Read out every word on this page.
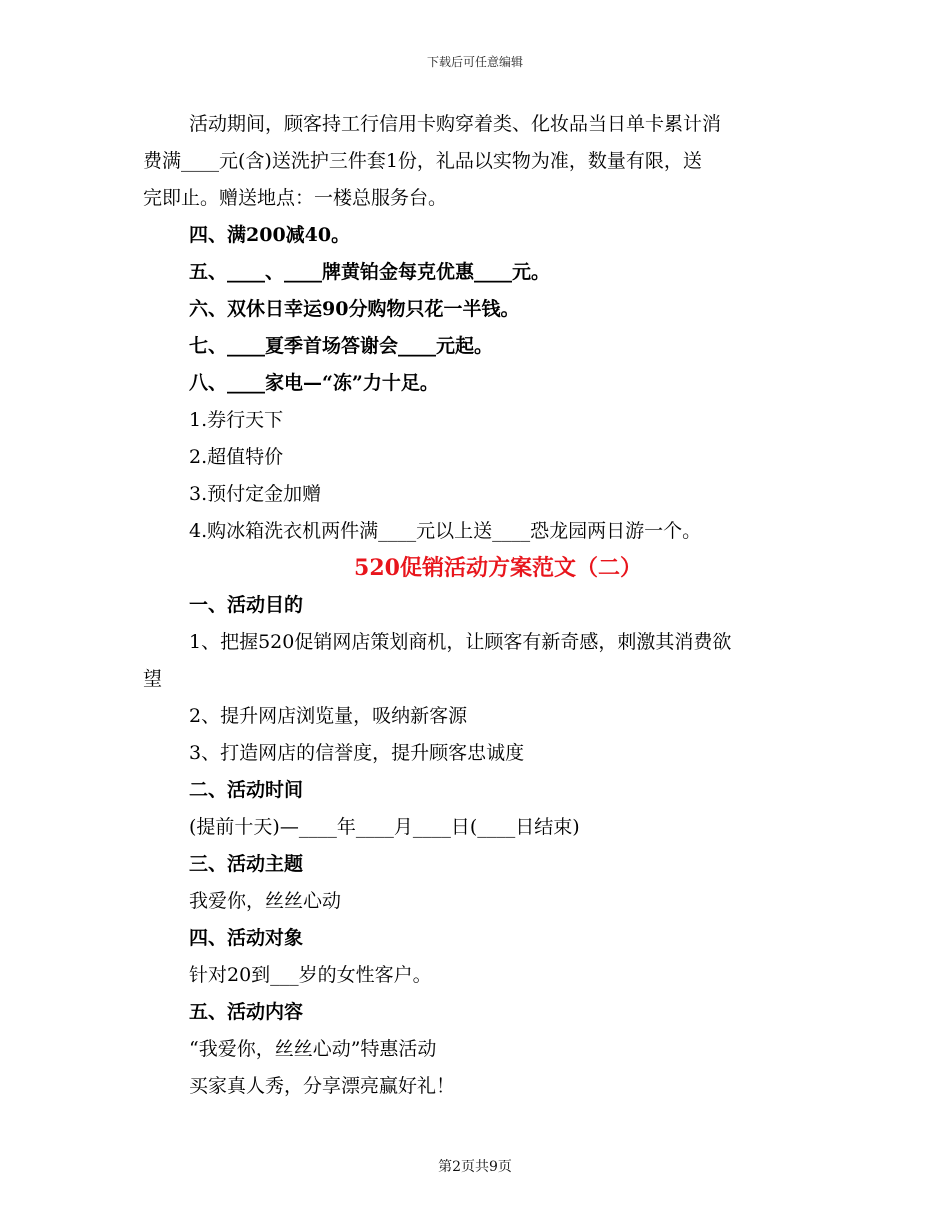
下载后可任意编辑
活动期间，顾客持工行信用卡购穿着类、化妆品当日单卡累计消
费满____元(含)送洗护三件套1份，礼品以实物为准，数量有限，送
完即止。赠送地点：一楼总服务台。
四、满200减40。
五、____、____牌黄铂金每克优惠____元。
六、双休日幸运90分购物只花一半钱。
七、____夏季首场答谢会____元起。
八、____家电—“冻”力十足。
1.券行天下
2.超值特价
3.预付定金加赠
4.购冰箱洗衣机两件满____元以上送____恐龙园两日游一个。
520促销活动方案范文（二）
一、活动目的
1、把握520促销网店策划商机，让顾客有新奇感，刺激其消费欲
望
2、提升网店浏览量，吸纳新客源
3、打造网店的信誉度，提升顾客忠诚度
二、活动时间
(提前十天)—____年____月____日(____日结束)
三、活动主题
我爱你，丝丝心动
四、活动对象
针对20到___岁的女性客户。
五、活动内容
“我爱你，丝丝心动”特惠活动
买家真人秀，分享漂亮赢好礼！
第2页共9页
